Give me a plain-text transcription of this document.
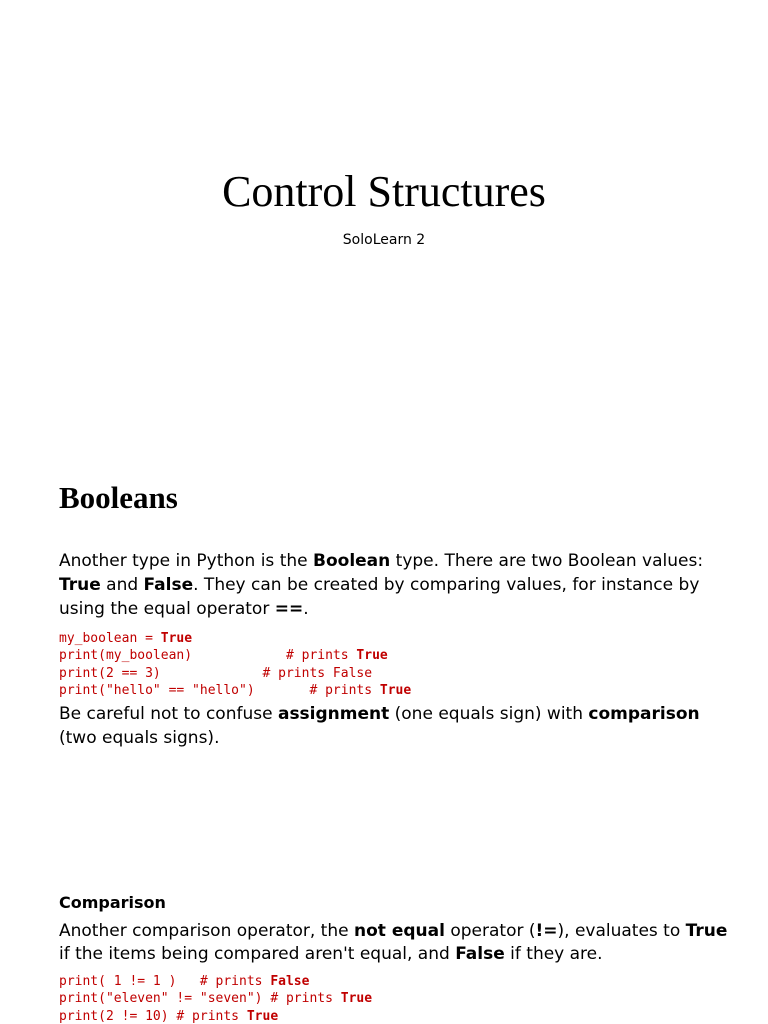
Control Structures
SoloLearn 2
Booleans

Another type in Python is the Boolean type. There are two Boolean values: True and False. They can be created by comparing values, for instance by using the equal operator ==.

my_boolean = True
print(my_boolean)            # prints True
print(2 == 3)             # prints False
print("hello" == "hello")       # prints True

Be careful not to confuse assignment (one equals sign) with comparison (two equals signs).

Comparison

Another comparison operator, the not equal operator (!=), evaluates to True if the items being compared aren't equal, and False if they are.

print( 1 != 1 )   # prints False
print("eleven" != "seven") # prints True
print(2 != 10) # prints True
